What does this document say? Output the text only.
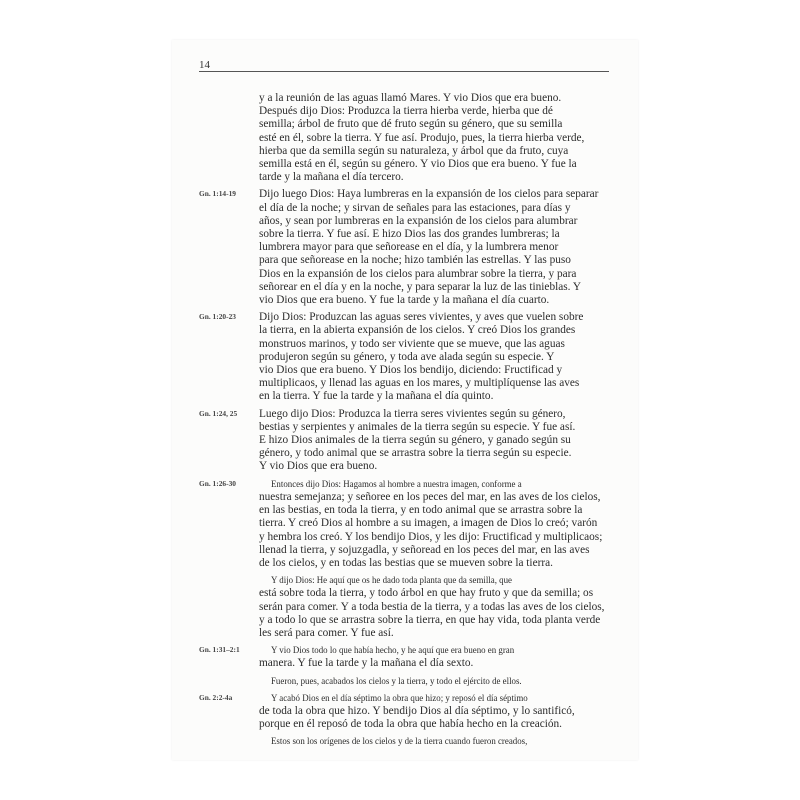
14
y a la reunión de las aguas llamó Mares. Y vio Dios que era bueno.
Después dijo Dios: Produzca la tierra hierba verde, hierba que dé
semilla; árbol de fruto que dé fruto según su género, que su semilla
esté en él, sobre la tierra. Y fue así. Produjo, pues, la tierra hierba verde,
hierba que da semilla según su naturaleza, y árbol que da fruto, cuya
semilla está en él, según su género. Y vio Dios que era bueno. Y fue la
tarde y la mañana el día tercero.
Gn. 1:14-19	Dijo luego Dios: Haya lumbreras en la expansión de los cielos para separar
el día de la noche; y sirvan de señales para las estaciones, para días y
años, y sean por lumbreras en la expansión de los cielos para alumbrar
sobre la tierra. Y fue así. E hizo Dios las dos grandes lumbreras; la
lumbrera mayor para que señorease en el día, y la lumbrera menor
para que señorease en la noche; hizo también las estrellas. Y las puso
Dios en la expansión de los cielos para alumbrar sobre la tierra, y para
señorear en el día y en la noche, y para separar la luz de las tinieblas. Y
vio Dios que era bueno. Y fue la tarde y la mañana el día cuarto.
Gn. 1:20-23	Dijo Dios: Produzcan las aguas seres vivientes, y aves que vuelen sobre
la tierra, en la abierta expansión de los cielos. Y creó Dios los grandes
monstruos marinos, y todo ser viviente que se mueve, que las aguas
produjeron según su género, y toda ave alada según su especie. Y
vio Dios que era bueno. Y Dios los bendijo, diciendo: Fructificad y
multiplicaos, y llenad las aguas en los mares, y multiplíquense las aves
en la tierra. Y fue la tarde y la mañana el día quinto.
Gn. 1:24, 25	Luego dijo Dios: Produzca la tierra seres vivientes según su género,
bestias y serpientes y animales de la tierra según su especie. Y fue así.
E hizo Dios animales de la tierra según su género, y ganado según su
género, y todo animal que se arrastra sobre la tierra según su especie.
Y vio Dios que era bueno.
Gn. 1:26-30	Entonces dijo Dios: Hagamos al hombre a nuestra imagen, conforme a
nuestra semejanza; y señoree en los peces del mar, en las aves de los cielos,
en las bestias, en toda la tierra, y en todo animal que se arrastra sobre la
tierra. Y creó Dios al hombre a su imagen, a imagen de Dios lo creó; varón
y hembra los creó. Y los bendijo Dios, y les dijo: Fructificad y multiplicaos;
llenad la tierra, y sojuzgadla, y señoread en los peces del mar, en las aves
de los cielos, y en todas las bestias que se mueven sobre la tierra.
Y dijo Dios: He aquí que os he dado toda planta que da semilla, que
está sobre toda la tierra, y todo árbol en que hay fruto y que da semilla; os
serán para comer. Y a toda bestia de la tierra, y a todas las aves de los cielos,
y a todo lo que se arrastra sobre la tierra, en que hay vida, toda planta verde
les será para comer. Y fue así.
Gn. 1:31–2:1	Y vio Dios todo lo que había hecho, y he aquí que era bueno en gran
manera. Y fue la tarde y la mañana el día sexto.
Fueron, pues, acabados los cielos y la tierra, y todo el ejército de ellos.
Gn. 2:2-4a	Y acabó Dios en el día séptimo la obra que hizo; y reposó el día séptimo
de toda la obra que hizo. Y bendijo Dios al día séptimo, y lo santificó,
porque en él reposó de toda la obra que había hecho en la creación.
Estos son los orígenes de los cielos y de la tierra cuando fueron creados,
